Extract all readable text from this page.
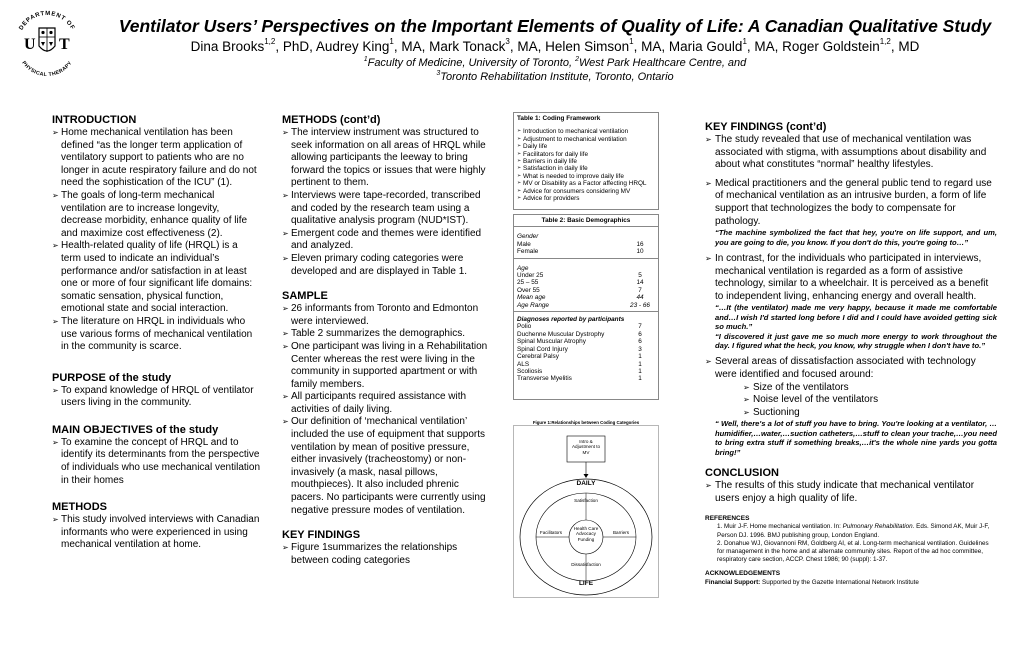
DEPARTMENT OF
PHYSICAL THERAPY
U T
Ventilator Users’ Perspectives on the Important Elements of Quality of Life: A Canadian Qualitative Study
Dina Brooks$^{1,2}$, PhD, Audrey King$^1$, MA, Mark Tonack$^3$, MA, Helen Simson$^1$, MA, Maria Gould$^1$, MA, Roger Goldstein$^{1,2}$, MD
$^1$Faculty of Medicine, University of Toronto, $^2$West Park Healthcare Centre, and
$^3$Toronto Rehabilitation Institute, Toronto, Ontario
INTRODUCTION
➢ Home mechanical ventilation has been defined “as the longer term application of ventilatory support to patients who are no longer in acute respiratory failure and do not need the sophistication of the ICU” (1).
➢ The goals of long-term mechanical ventilation are to increase longevity, decrease morbidity, enhance quality of life and maximize cost effectiveness (2).
➢ Health-related quality of life (HRQL) is a term used to indicate an individual’s performance and/or satisfaction in at least one or more of four significant life domains: somatic sensation, physical function, emotional state and social interaction.
➢ The literature on HRQL in individuals who use various forms of mechanical ventilation in the community is scarce.
PURPOSE of the study
➢ To expand knowledge of HRQL of ventilator users living in the community.
MAIN OBJECTIVES of the study
➢ To examine the concept of HRQL and to identify its determinants from the perspective of individuals who use mechanical ventilation in their homes
METHODS
➢ This study involved interviews with Canadian informants who were experienced in using mechanical ventilation at home.
METHODS (cont’d)
➢ The interview instrument was structured to seek information on all areas of HRQL while allowing participants the leeway to bring forward the topics or issues that were highly pertinent to them.
➢ Interviews were tape-recorded, transcribed and coded by the research team using a qualitative analysis program (NUD*IST).
➢ Emergent code and themes were identified and analyzed.
➢ Eleven primary coding categories were developed and are displayed in Table 1.
SAMPLE
➢ 26 informants from Toronto and Edmonton were interviewed.
➢ Table 2 summarizes the demographics.
➢ One participant was living in a Rehabilitation Center whereas the rest were living in the community in supported apartment or with family members.
➢ All participants required assistance with activities of daily living.
➢ Our definition of ‘mechanical ventilation’ included the use of equipment that supports ventilation by mean of positive pressure, either invasively (tracheostomy) or non-invasively (a mask, nasal pillows, mouthpieces). It also included phrenic pacers. No participants were currently using negative pressure modes of ventilation.
KEY FINDINGS
➢ Figure 1summarizes the relationships between coding categories
Table 1: Coding Framework
➢ Introduction to mechanical ventilation
➢ Adjustment to mechanical ventilation
➢ Daily life
➢ Facilitators for daily life
➢ Barriers in daily life
➢ Satisfaction in daily life
➢ What is needed to improve daily life
➢ MV or Disability as a Factor affecting HRQL
➢ Advice for consumers considering MV
➢ Advice for providers
Table 2: Basic Demographics
Gender
Male	16
Female	10
Age
Under 25	5
25 – 55	14
Over 55	7
Mean age	44
Age Range	23 - 66
Diagnoses reported by participants
Polio	7
Duchenne Muscular Dystrophy	6
Spinal Muscular Atrophy	6
Spinal Cord Injury	3
Cerebral Palsy	1
ALS	1
Scoliosis	1
Transverse Myelitis	1
Figure 1:Relationships between Coding Categories
Intro &
Adjustment to
MV
DAILY
Satisfaction
Health Care
Advocacy
Funding
Facilitators	Barriers
Dissatisfaction
LIFE
KEY FINDINGS (cont’d)
➢ The study revealed that use of mechanical ventilation was associated with stigma, with assumptions about disability and about what constitutes “normal” healthy lifestyles.
➢ Medical practitioners and the general public tend to regard use of mechanical ventilation as an intrusive burden, a form of life support that technologizes the body to compensate for pathology.
“The machine symbolized the fact that hey, you're on life support, and um, you are going to die, you know. If you don't do this, you're going to…”
➢ In contrast, for the individuals who participated in interviews, mechanical ventilation is regarded as a form of assistive technology, similar to a wheelchair. It is perceived as a benefit to independent living, enhancing energy and overall health.
“…It (the ventilator) made me very happy, because it made me comfortable and…I wish I'd started long before I did and I could have avoided getting sick so much.”
“I discovered it just gave me so much more energy to work throughout the day. I figured what the heck, you know, why struggle when I don't have to.”
➢ Several areas of dissatisfaction associated with technology were identified and focused around:
➢ Size of the ventilators
➢ Noise level of the ventilators
➢ Suctioning
“ Well, there's a lot of stuff you have to bring. You're looking at a ventilator, …humidifier,…water,…suction catheters,…stuff to clean your trache,…you need to bring extra stuff if something breaks,…it's the whole nine yards you gotta bring!”
CONCLUSION
➢ The results of this study indicate that mechanical ventilator users enjoy a high quality of life.
REFERENCES
1. Muir J-F. Home mechanical ventilation. In: Pulmonary Rehabilitation. Eds. Simond AK, Muir J-F, Person DJ. 1996. BMJ publishing group, London England.
2. Donahue WJ, Giovannoni RM, Goldberg AI, et al. Long-term mechanical ventilation. Guidelines for management in the home and at alternate community sites. Report of the ad hoc committee, respiratory care section, ACCP. Chest 1986; 90 (suppl): 1-37.
ACKNOWLEDGEMENTS
Financial Support: Supported by the Gazette International Network Institute
